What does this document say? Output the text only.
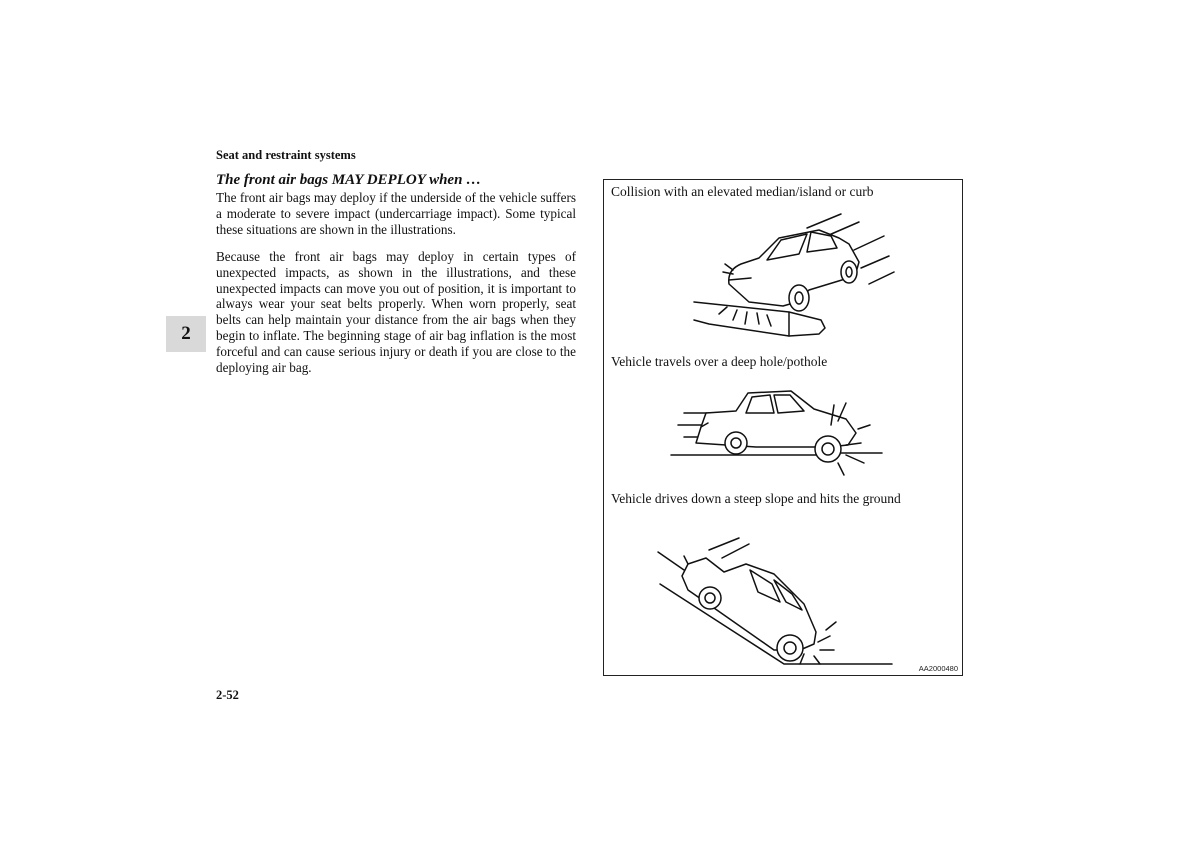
Seat and restraint systems
2
The front air bags MAY DEPLOY when …

The front air bags may deploy if the underside of the vehicle suffers a moderate to severe impact (undercarriage impact). Some typical these situations are shown in the illustrations.

Because the front air bags may deploy in certain types of unexpected impacts, as shown in the illustrations, and these unexpected impacts can move you out of position, it is important to always wear your seat belts properly. When worn properly, seat belts can help maintain your distance from the air bags when they begin to inflate. The beginning stage of air bag inflation is the most forceful and can cause serious injury or death if you are close to the deploying air bag.

Collision with an elevated median/island or curb
Vehicle travels over a deep hole/pothole
Vehicle drives down a steep slope and hits the ground
AA2000480
2-52
